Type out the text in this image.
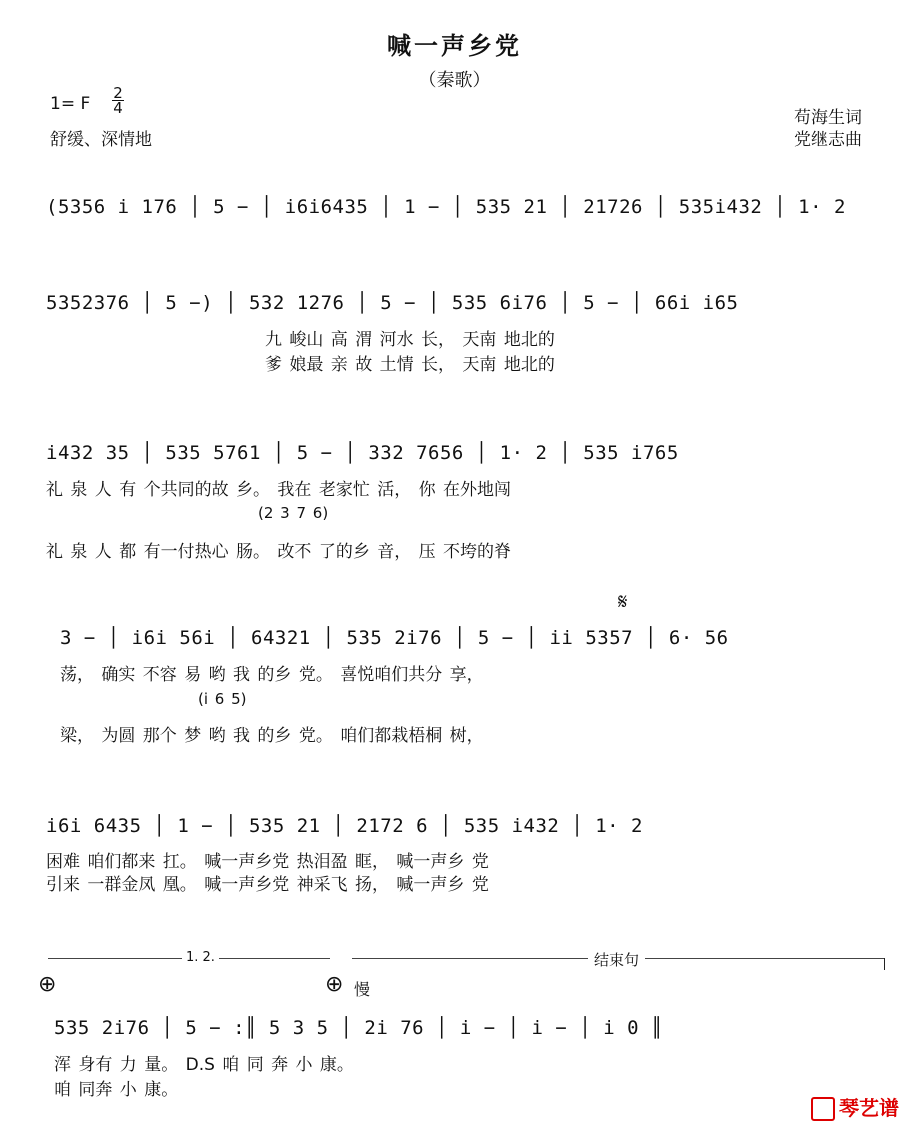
喊一声乡党
（秦歌）
1= F
2
4
舒缓、深情地
苟海生词
党继志曲
(5356 i 176 │ 5 − │ i6i6435 │ 1 − │ 535 21 │ 21726 │ 535i432 │ 1· 2
5352376 │ 5 −) │ 532 1276 │ 5 − │ 535 6i76 │ 5 − │ 66i i65
九 峻山 高 渭 河水 长， 天南 地北的
爹 娘最 亲 故 土情 长， 天南 地北的
i432 35 │ 535 5761 │ 5 − │ 332 7656 │ 1· 2 │ 535 i765
礼 泉 人 有 个共同的故 乡。 我在 老家忙 活， 你 在外地闯
(2 3 7 6)
礼 泉 人 都 有一付热心 肠。 改不 了的乡 音， 压 不垮的脊
𝄋
3 − │ i6i 56i │ 64321 │ 535 2i76 │ 5 − │ ii 5357 │ 6· 56
荡， 确实 不容 易 哟 我 的乡 党。 喜悦咱们共分 享，
(i 6 5)
梁， 为圆 那个 梦 哟 我 的乡 党。 咱们都栽梧桐 树，
i6i 6435 │ 1 − │ 535 21 │ 2172 6 │ 535 i432 │ 1· 2
困难 咱们都来 扛。 喊一声乡党 热泪盈 眶， 喊一声乡 党
引来 一群金凤 凰。 喊一声乡党 神采飞 扬， 喊一声乡 党
1. 2.	结束句
⊕	⊕ 慢
535 2i76 │ 5 − :║ 5 3 5 │ 2i 76 │ i − │ i − │ i 0 ║
浑 身有 力 量。 D.S 咱 同 奔 小 康。
咱 同奔 小 康。
琴艺谱
